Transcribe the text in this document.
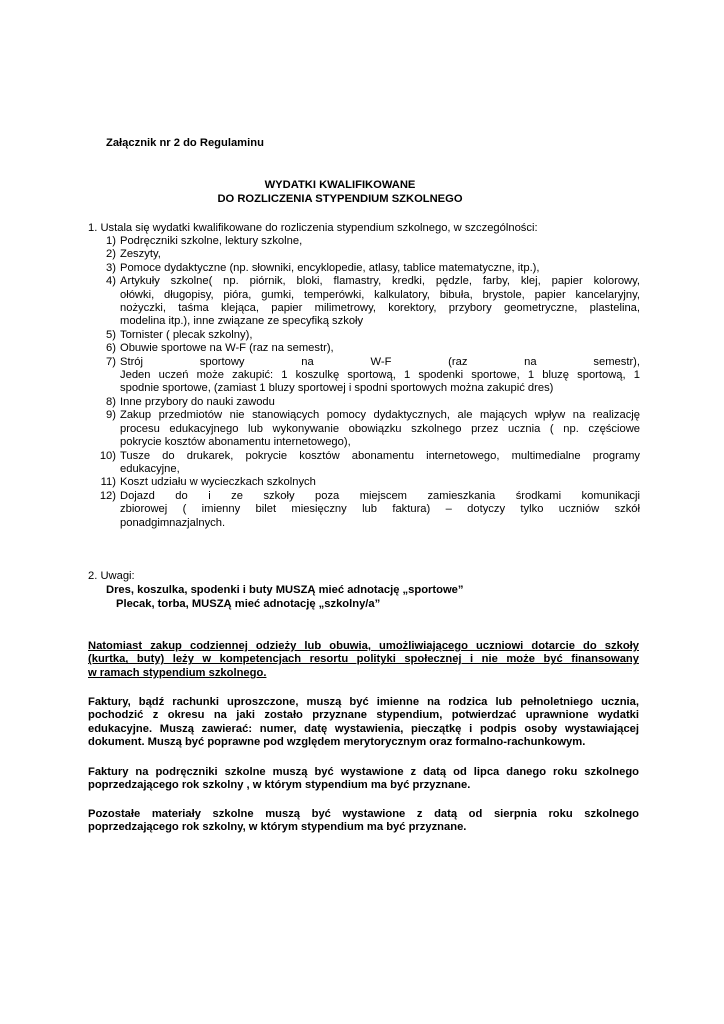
Załącznik nr 2 do Regulaminu
WYDATKI KWALIFIKOWANE
DO ROZLICZENIA STYPENDIUM SZKOLNEGO
1. Ustala się wydatki kwalifikowane do rozliczenia stypendium szkolnego, w szczególności:
1) Podręczniki szkolne, lektury szkolne,
2) Zeszyty,
3) Pomoce dydaktyczne (np. słowniki, encyklopedie, atlasy, tablice matematyczne, itp.),
4) Artykuły szkolne( np. piórnik, bloki, flamastry, kredki, pędzle, farby, klej, papier kolorowy,
ołówki, długopisy, pióra, gumki, temperówki, kalkulatory, bibuła, brystole, papier kancelaryjny,
nożyczki, taśma klejąca, papier milimetrowy, korektory, przybory geometryczne, plastelina,
modelina itp.), inne związane ze specyfiką szkoły
5) Tornister ( plecak szkolny),
6) Obuwie sportowe na W-F (raz na semestr),
7) Strój sportowy na W-F (raz na semestr),
Jeden uczeń może zakupić: 1 koszulkę sportową, 1 spodenki sportowe, 1 bluzę sportową, 1
spodnie sportowe, (zamiast 1 bluzy sportowej i spodni sportowych można zakupić dres)
8) Inne przybory do nauki zawodu
9) Zakup przedmiotów nie stanowiących pomocy dydaktycznych, ale mających wpływ na realizację
procesu edukacyjnego lub wykonywanie obowiązku szkolnego przez ucznia ( np. częściowe
pokrycie kosztów abonamentu internetowego),
10) Tusze do drukarek, pokrycie kosztów abonamentu internetowego, multimedialne programy
edukacyjne,
11) Koszt udziału w wycieczkach szkolnych
12) Dojazd do i ze szkoły poza miejscem zamieszkania środkami komunikacji
zbiorowej ( imienny bilet miesięczny lub faktura) – dotyczy tylko uczniów szkół
ponadgimnazjalnych.
2. Uwagi:
Dres, koszulka, spodenki i buty MUSZĄ mieć adnotację „sportowe”
Plecak, torba, MUSZĄ mieć adnotację „szkolny/a”
Natomiast zakup codziennej odzieży lub obuwia, umożliwiającego uczniowi dotarcie do szkoły
(kurtka, buty) leży w kompetencjach resortu polityki społecznej i nie może być finansowany
w ramach stypendium szkolnego.
Faktury, bądź rachunki uproszczone, muszą być imienne na rodzica lub pełnoletniego ucznia,
pochodzić z okresu na jaki zostało przyznane stypendium, potwierdzać uprawnione wydatki
edukacyjne. Muszą zawierać: numer, datę wystawienia, pieczątkę i podpis osoby wystawiającej
dokument. Muszą być poprawne pod względem merytorycznym oraz formalno-rachunkowym.
Faktury na podręczniki szkolne muszą być wystawione z datą od lipca danego roku szkolnego
poprzedzającego rok szkolny , w którym stypendium ma być przyznane.
Pozostałe materiały szkolne muszą być wystawione z datą od sierpnia roku szkolnego
poprzedzającego rok szkolny, w którym stypendium ma być przyznane.
